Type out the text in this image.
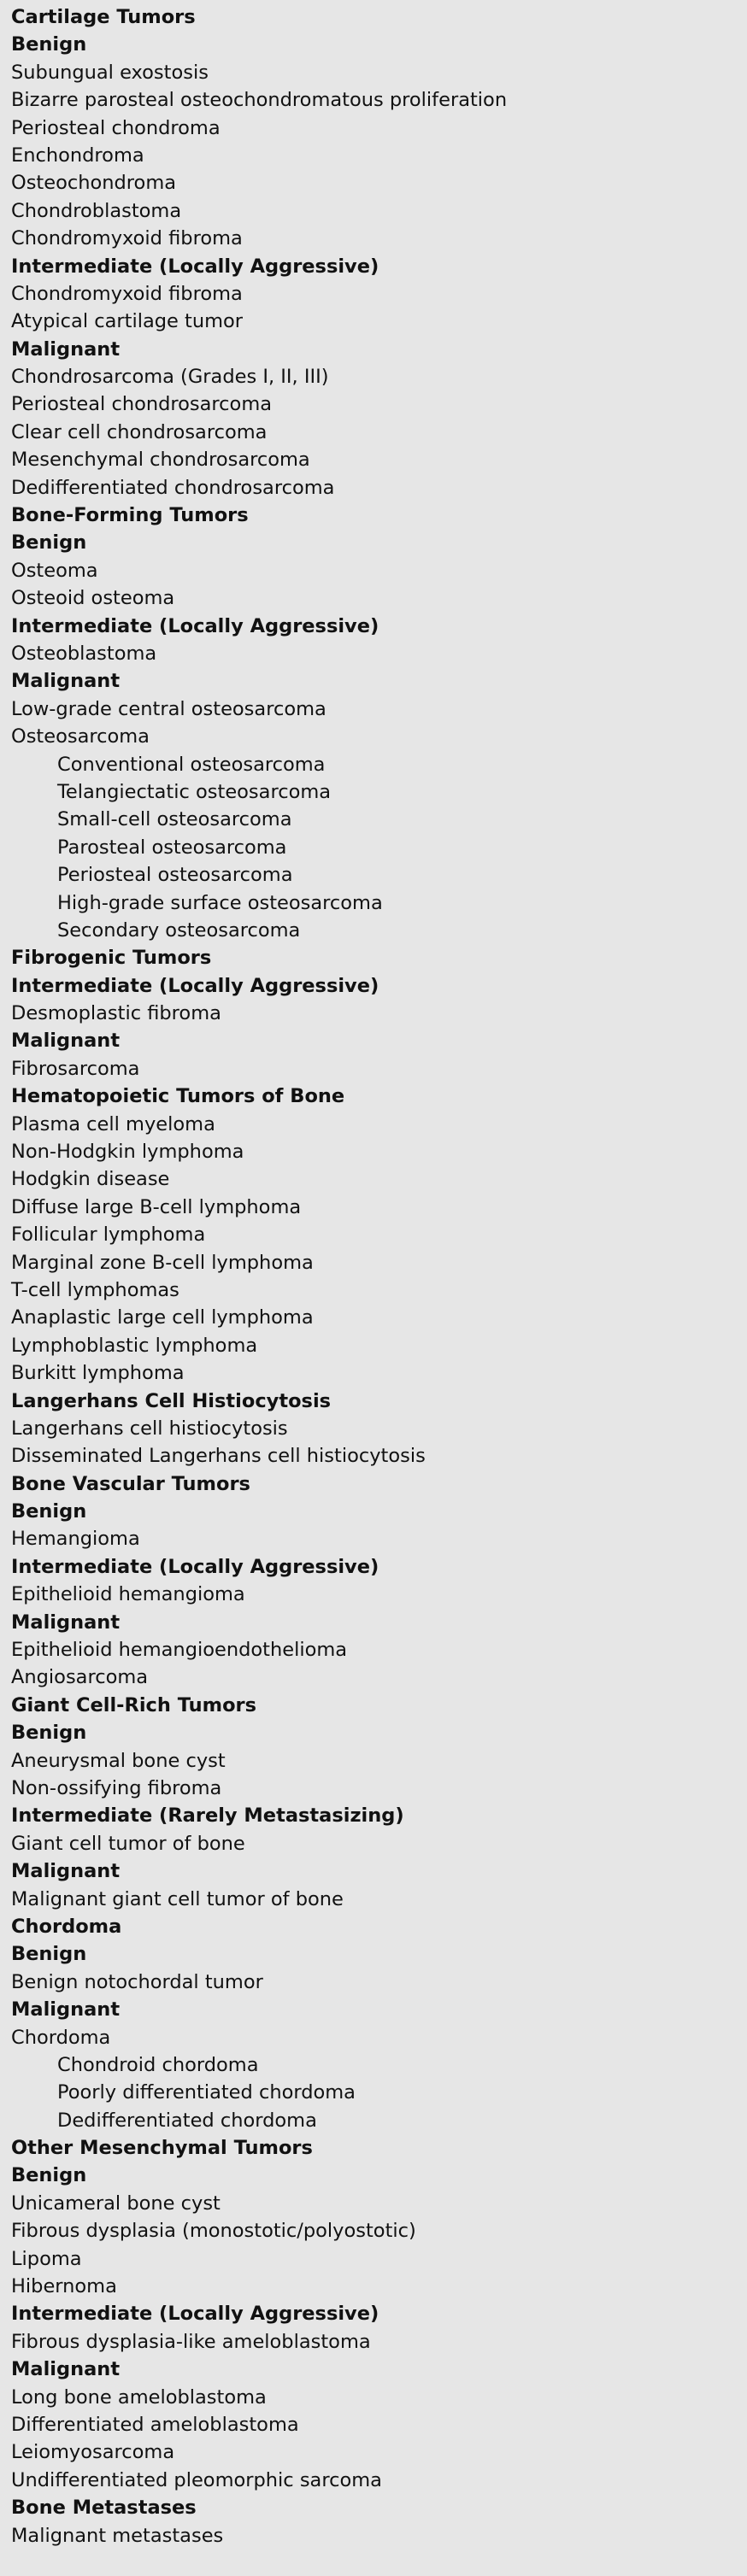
Cartilage Tumors
Benign
Subungual exostosis
Bizarre parosteal osteochondromatous proliferation
Periosteal chondroma
Enchondroma
Osteochondroma
Chondroblastoma
Chondromyxoid fibroma
Intermediate (Locally Aggressive)
Chondromyxoid fibroma
Atypical cartilage tumor
Malignant
Chondrosarcoma (Grades I, II, III)
Periosteal chondrosarcoma
Clear cell chondrosarcoma
Mesenchymal chondrosarcoma
Dedifferentiated chondrosarcoma
Bone-Forming Tumors
Benign
Osteoma
Osteoid osteoma
Intermediate (Locally Aggressive)
Osteoblastoma
Malignant
Low-grade central osteosarcoma
Osteosarcoma
Conventional osteosarcoma
Telangiectatic osteosarcoma
Small-cell osteosarcoma
Parosteal osteosarcoma
Periosteal osteosarcoma
High-grade surface osteosarcoma
Secondary osteosarcoma
Fibrogenic Tumors
Intermediate (Locally Aggressive)
Desmoplastic fibroma
Malignant
Fibrosarcoma
Hematopoietic Tumors of Bone
Plasma cell myeloma
Non-Hodgkin lymphoma
Hodgkin disease
Diffuse large B-cell lymphoma
Follicular lymphoma
Marginal zone B-cell lymphoma
T-cell lymphomas
Anaplastic large cell lymphoma
Lymphoblastic lymphoma
Burkitt lymphoma
Langerhans Cell Histiocytosis
Langerhans cell histiocytosis
Disseminated Langerhans cell histiocytosis
Bone Vascular Tumors
Benign
Hemangioma
Intermediate (Locally Aggressive)
Epithelioid hemangioma
Malignant
Epithelioid hemangioendothelioma
Angiosarcoma
Giant Cell-Rich Tumors
Benign
Aneurysmal bone cyst
Non-ossifying fibroma
Intermediate (Rarely Metastasizing)
Giant cell tumor of bone
Malignant
Malignant giant cell tumor of bone
Chordoma
Benign
Benign notochordal tumor
Malignant
Chordoma
Chondroid chordoma
Poorly differentiated chordoma
Dedifferentiated chordoma
Other Mesenchymal Tumors
Benign
Unicameral bone cyst
Fibrous dysplasia (monostotic/polyostotic)
Lipoma
Hibernoma
Intermediate (Locally Aggressive)
Fibrous dysplasia-like ameloblastoma
Malignant
Long bone ameloblastoma
Differentiated ameloblastoma
Leiomyosarcoma
Undifferentiated pleomorphic sarcoma
Bone Metastases
Malignant metastases
